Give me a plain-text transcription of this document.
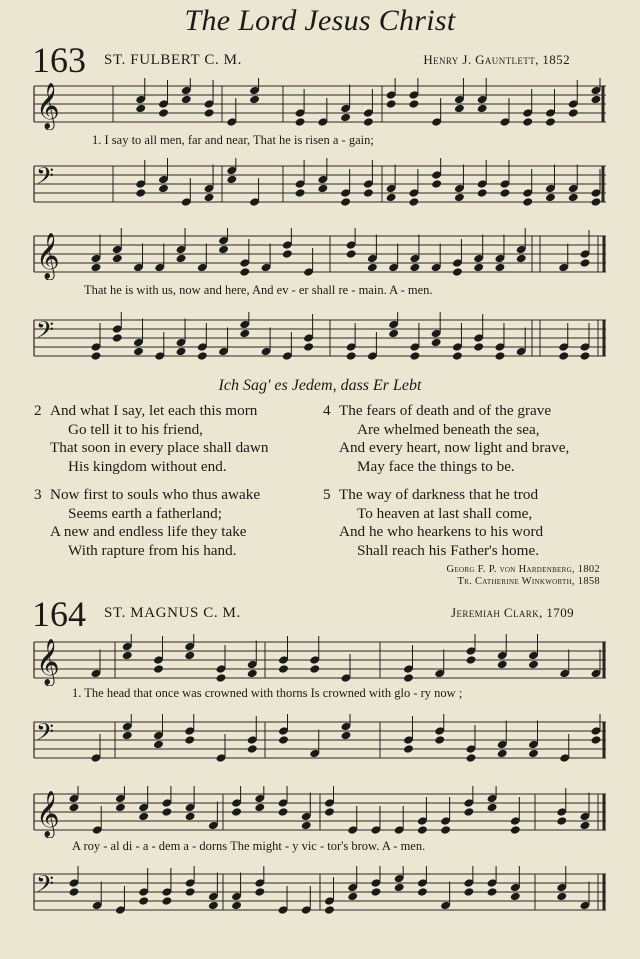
The Lord Jesus Christ
163 ST. FULBERT C. M.	Henry J. Gauntlett, 1852
𝄞
1. I say to all men, far and near, That he is risen a - gain;
𝄢
𝄞
That he is with us, now and here, And ev - er shall re - main. A - men.
𝄢
Ich Sag' es Jedem, dass Er Lebt
2 And what I say, let each this morn
Go tell it to his friend,
That soon in every place shall dawn
His kingdom without end.
3 Now first to souls who thus awake
Seems earth a fatherland;
A new and endless life they take
With rapture from his hand.
4 The fears of death and of the grave
Are whelmed beneath the sea,
And every heart, now light and brave,
May face the things to be.
5 The way of darkness that he trod
To heaven at last shall come,
And he who hearkens to his word
Shall reach his Father's home.
Georg F. P. von Hardenberg, 1802
Tr. Catherine Winkworth, 1858
164 ST. MAGNUS C. M.	Jeremiah Clark, 1709
𝄞
1. The head that once was crowned with thorns Is crowned with glo - ry now ;
𝄢
𝄞
A roy - al di - a - dem a - dorns The might - y vic - tor's brow. A - men.
𝄢
